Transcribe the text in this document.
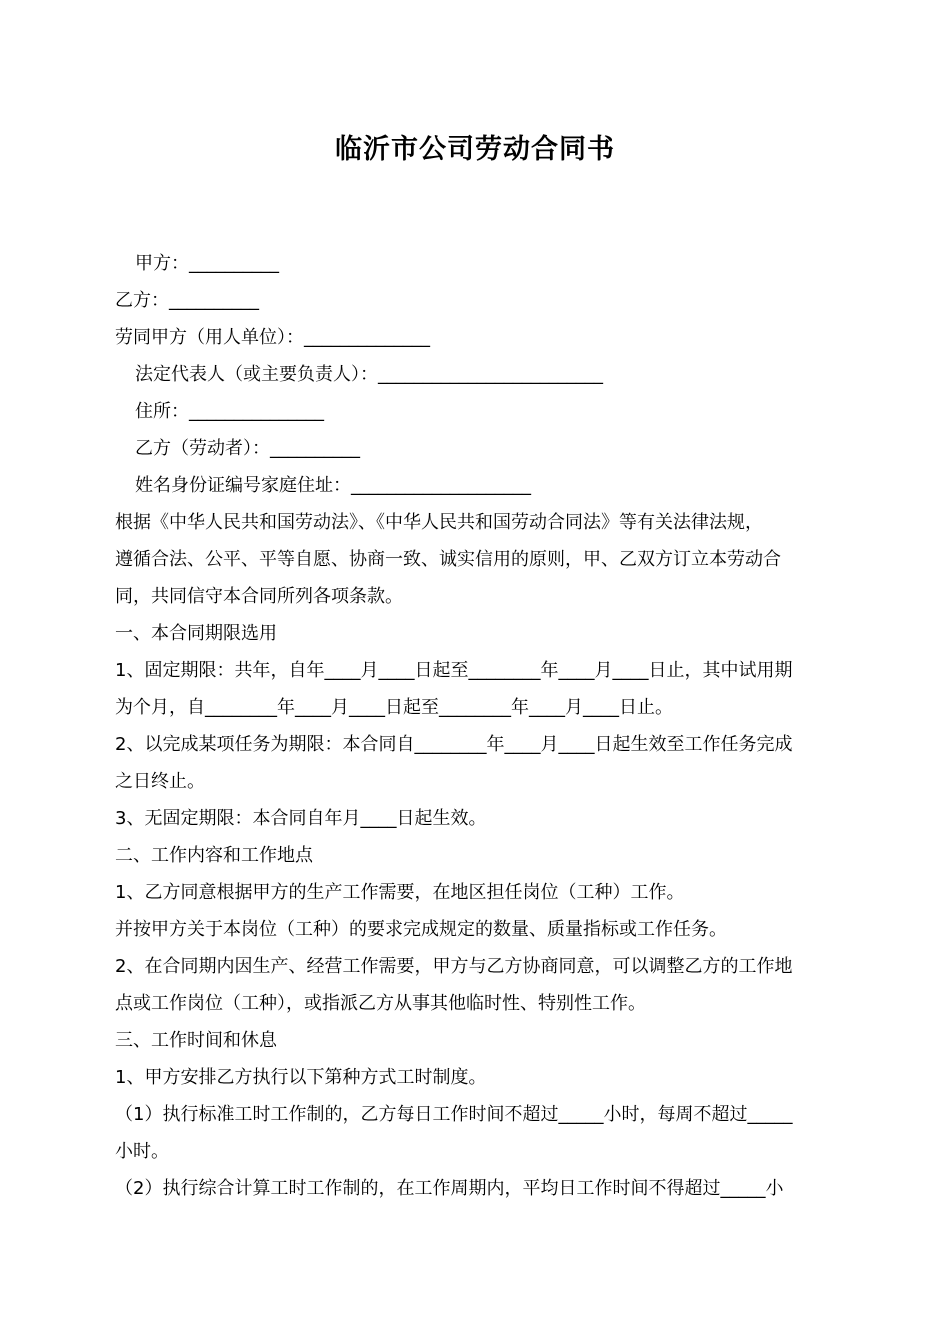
临沂市公司劳动合同书
甲方：__________
乙方：__________
劳同甲方（用人单位）：______________
法定代表人（或主要负责人）：_________________________
住所：_______________
乙方（劳动者）：__________
姓名身份证编号家庭住址：____________________
根据《中华人民共和国劳动法》、《中华人民共和国劳动合同法》等有关法律法规，
遵循合法、公平、平等自愿、协商一致、诚实信用的原则，甲、乙双方订立本劳动合
同，共同信守本合同所列各项条款。
一、本合同期限选用
1、固定期限：共年，自年____月____日起至________年____月____日止，其中试用期
为个月，自________年____月____日起至________年____月____日止。
2、以完成某项任务为期限：本合同自________年____月____日起生效至工作任务完成
之日终止。
3、无固定期限：本合同自年月____日起生效。
二、工作内容和工作地点
1、乙方同意根据甲方的生产工作需要，在地区担任岗位（工种）工作。
并按甲方关于本岗位（工种）的要求完成规定的数量、质量指标或工作任务。
2、在合同期内因生产、经营工作需要，甲方与乙方协商同意，可以调整乙方的工作地
点或工作岗位（工种），或指派乙方从事其他临时性、特别性工作。
三、工作时间和休息
1、甲方安排乙方执行以下第种方式工时制度。
（1）执行标准工时工作制的，乙方每日工作时间不超过_____小时，每周不超过_____
小时。
（2）执行综合计算工时工作制的，在工作周期内，平均日工作时间不得超过_____小
